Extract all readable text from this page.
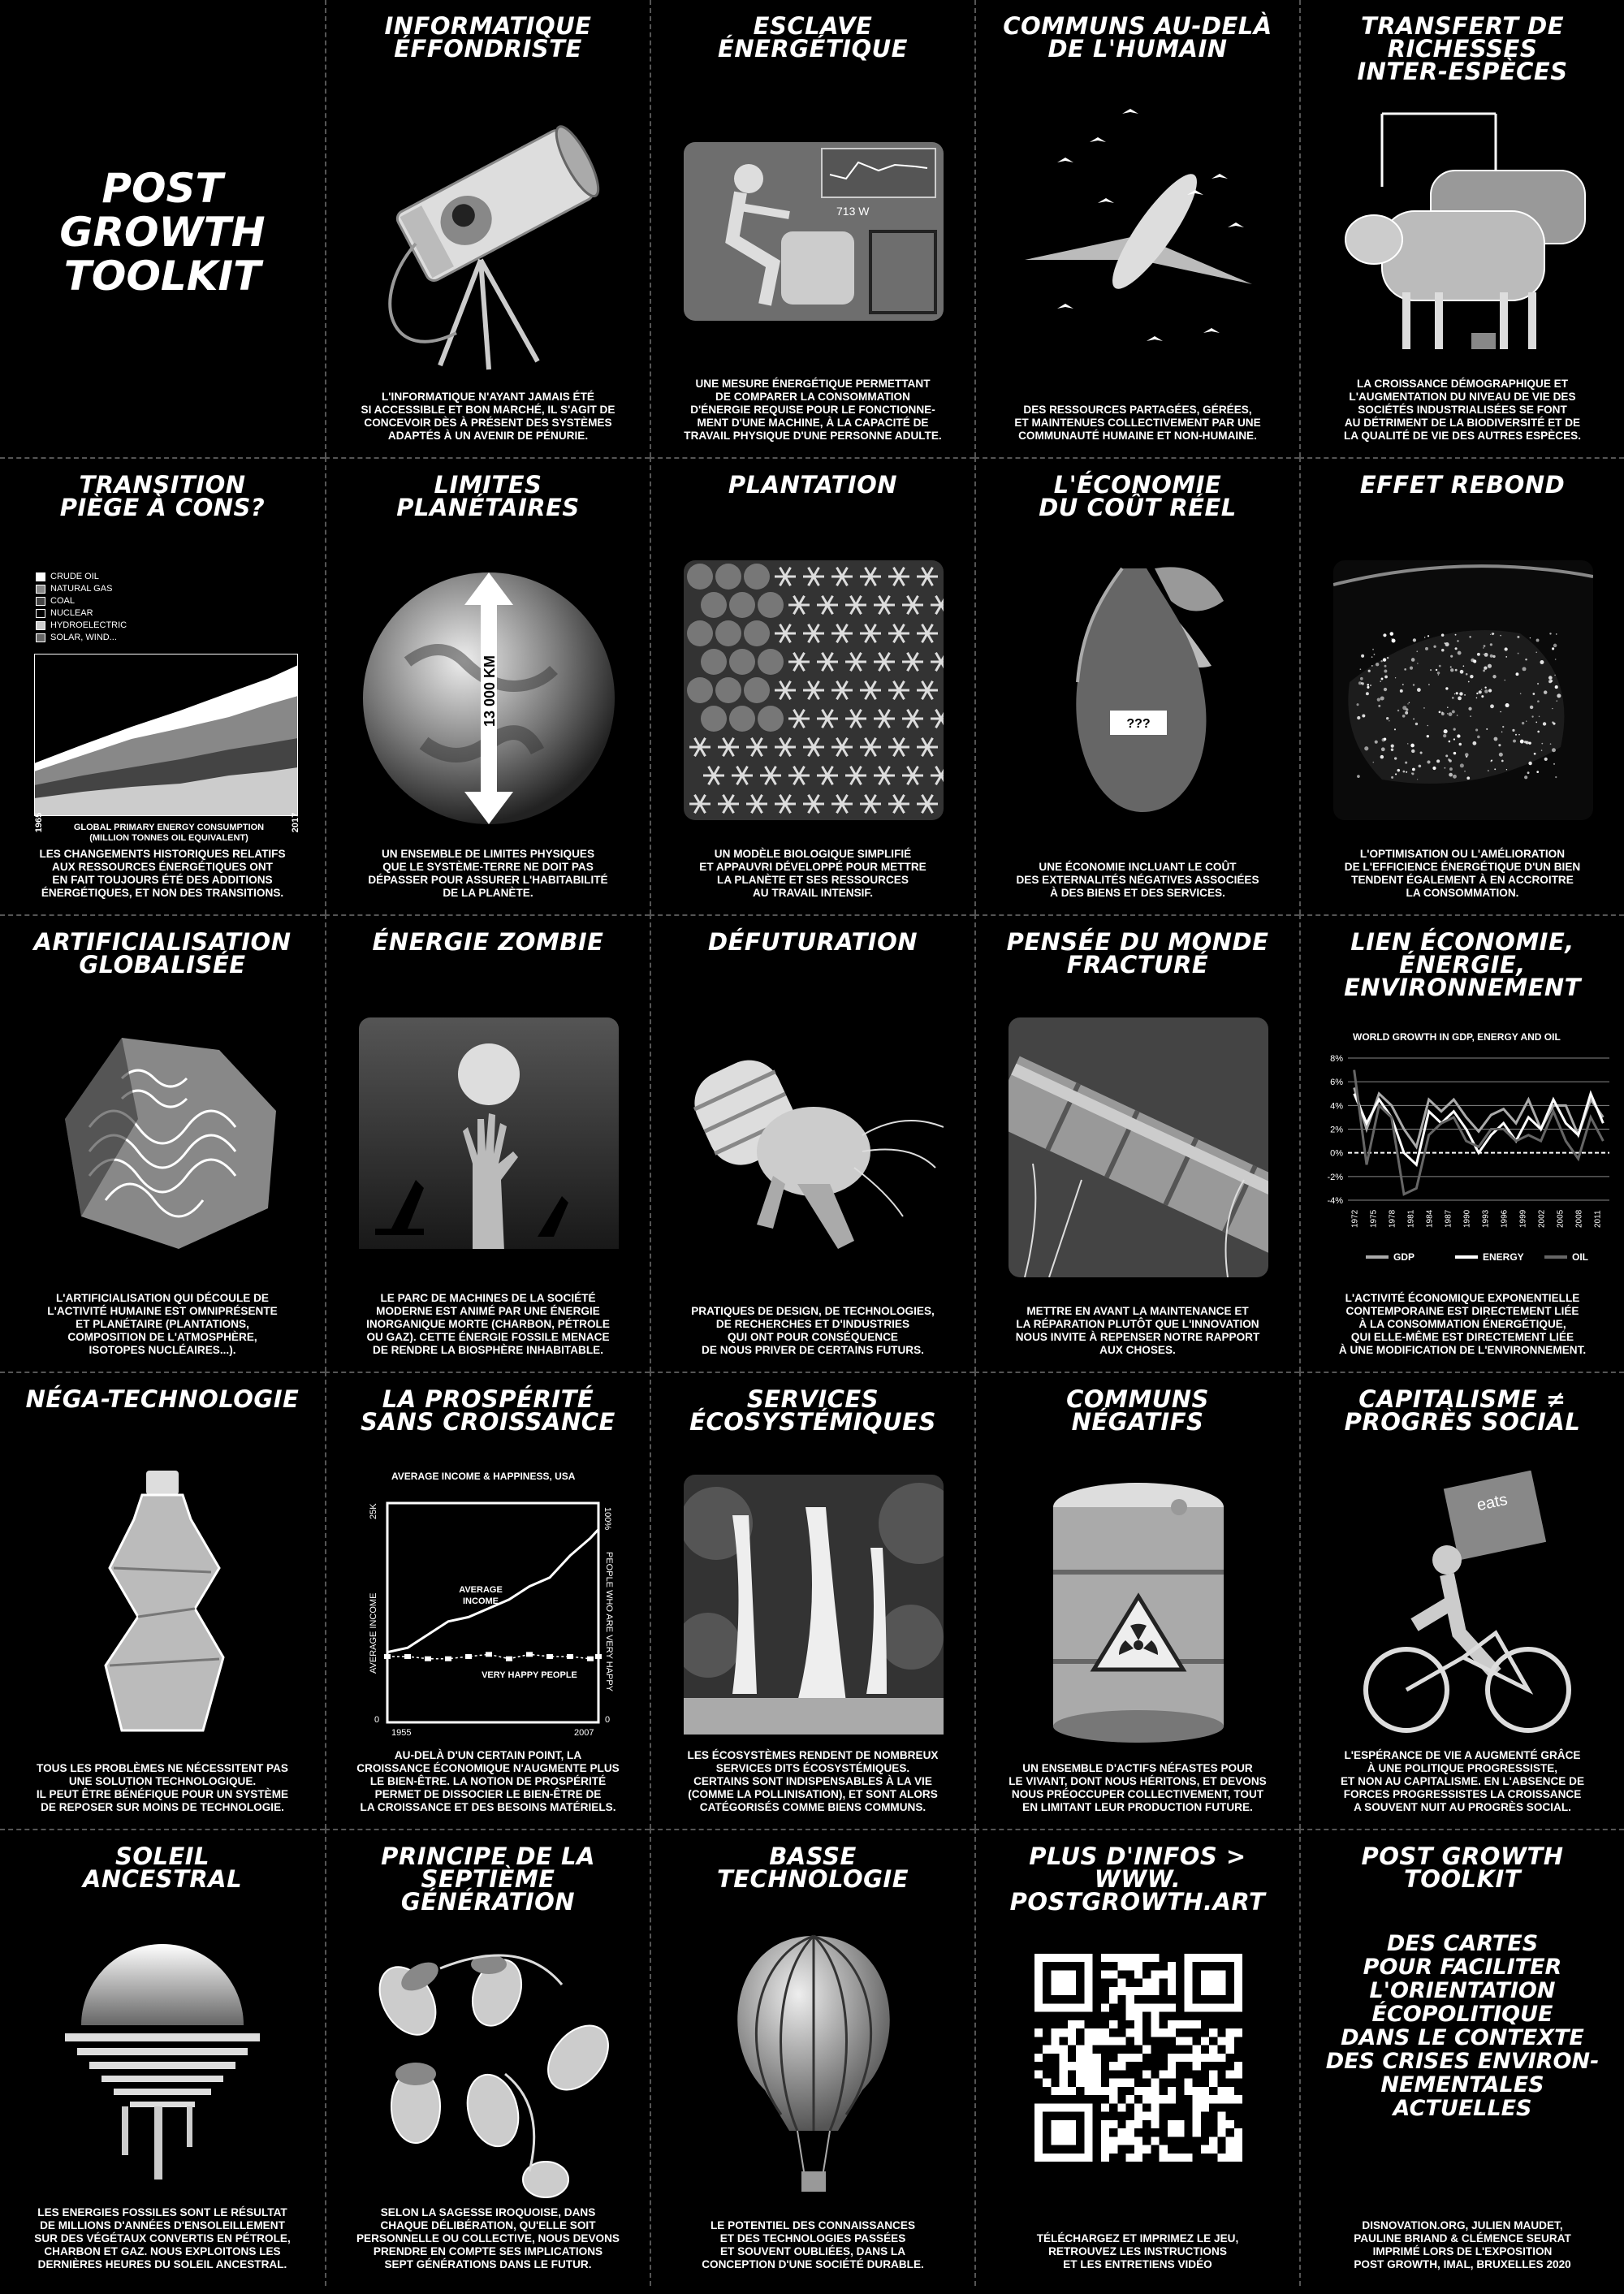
POST
GROWTH
TOOLKIT
INFORMATIQUE
ÉFFONDRISTE
L'INFORMATIQUE N'AYANT JAMAIS ÉTÉ
SI ACCESSIBLE ET BON MARCHÉ, IL S'AGIT DE
CONCEVOIR DÈS À PRÉSENT DES SYSTÈMES
ADAPTÉS À UN AVENIR DE PÉNURIE.
ESCLAVE
ÉNERGÉTIQUE
713 W
UNE MESURE ÉNERGÉTIQUE PERMETTANT
DE COMPARER LA CONSOMMATION
D'ÉNERGIE REQUISE POUR LE FONCTIONNE-
MENT D'UNE MACHINE, À LA CAPACITÉ DE
TRAVAIL PHYSIQUE D'UNE PERSONNE ADULTE.
COMMUNS AU-DELÀ
DE L'HUMAIN
DES RESSOURCES PARTAGÉES, GÉRÉES,
ET MAINTENUES COLLECTIVEMENT PAR UNE
COMMUNAUTÉ HUMAINE ET NON-HUMAINE.
TRANSFERT DE
RICHESSES
INTER-ESPÈCES
LA CROISSANCE DÉMOGRAPHIQUE ET
L'AUGMENTATION DU NIVEAU DE VIE DES
SOCIÉTÉS INDUSTRIALISÉES SE FONT
AU DÉTRIMENT DE LA BIODIVERSITÉ ET DE
LA QUALITÉ DE VIE DES AUTRES ESPÈCES.
TRANSITION
PIÈGE À CONS?
CRUDE OIL
NATURAL GAS
COAL
NUCLEAR
HYDROELECTRIC
SOLAR, WIND...
GLOBAL PRIMARY ENERGY CONSUMPTION
(MILLION TONNES OIL EQUIVALENT)
1965	2017
LES CHANGEMENTS HISTORIQUES RELATIFS
AUX RESSOURCES ÉNERGÉTIQUES ONT
EN FAIT TOUJOURS ÉTÉ DES ADDITIONS
ÉNERGÉTIQUES, ET NON DES TRANSITIONS.
LIMITES
PLANÉTAIRES
13 000 KM
UN ENSEMBLE DE LIMITES PHYSIQUES
QUE LE SYSTÈME-TERRE NE DOIT PAS
DÉPASSER POUR ASSURER L'HABITABILITÉ
DE LA PLANÈTE.
PLANTATION
UN MODÈLE BIOLOGIQUE SIMPLIFIÉ
ET APPAUVRI DÉVELOPPÉ POUR METTRE
LA PLANÈTE ET SES RESSOURCES
AU TRAVAIL INTENSIF.
L'ÉCONOMIE
DU COÛT RÉEL
???
UNE ÉCONOMIE INCLUANT LE COÛT
DES EXTERNALITÉS NÉGATIVES ASSOCIÉES
À DES BIENS ET DES SERVICES.
EFFET REBOND
L'OPTIMISATION OU L'AMÉLIORATION
DE L'EFFICIENCE ÉNERGÉTIQUE D'UN BIEN
TENDENT ÉGALEMENT À EN ACCROITRE
LA CONSOMMATION.
ARTIFICIALISATION
GLOBALISÉE
L'ARTIFICIALISATION QUI DÉCOULE DE
L'ACTIVITÉ HUMAINE EST OMNIPRÉSENTE
ET PLANÉTAIRE (PLANTATIONS,
COMPOSITION DE L'ATMOSPHÈRE,
ISOTOPES NUCLÉAIRES...).
ÉNERGIE ZOMBIE
LE PARC DE MACHINES DE LA SOCIÉTÉ
MODERNE EST ANIMÉ PAR UNE ÉNERGIE
INORGANIQUE MORTE (CHARBON, PÉTROLE
OU GAZ). CETTE ÉNERGIE FOSSILE MENACE
DE RENDRE LA BIOSPHÈRE INHABITABLE.
DÉFUTURATION
PRATIQUES DE DESIGN, DE TECHNOLOGIES,
DE RECHERCHES ET D'INDUSTRIES
QUI ONT POUR CONSÉQUENCE
DE NOUS PRIVER DE CERTAINS FUTURS.
PENSÉE DU MONDE
FRACTURÉ
METTRE EN AVANT LA MAINTENANCE ET
LA RÉPARATION PLUTÔT QUE L'INNOVATION
NOUS INVITE À REPENSER NOTRE RAPPORT
AUX CHOSES.
LIEN ÉCONOMIE,
ÉNERGIE,
ENVIRONNEMENT
WORLD GROWTH IN GDP, ENERGY AND OIL
8%
6%
4%
2%
0%
-2%
-4%
1972 1975 1978 1981 1984 1987 1990 1993 1996 1999 2002 2005 2008 2011
GDP	ENERGY	OIL
L'ACTIVITÉ ÉCONOMIQUE EXPONENTIELLE
CONTEMPORAINE EST DIRECTEMENT LIÉE
À LA CONSOMMATION ÉNERGÉTIQUE,
QUI ELLE-MÊME EST DIRECTEMENT LIÉE
À UNE MODIFICATION DE L'ENVIRONNEMENT.
NÉGA-TECHNOLOGIE
TOUS LES PROBLÈMES NE NÉCESSITENT PAS
UNE SOLUTION TECHNOLOGIQUE.
IL PEUT ÊTRE BÉNÉFIQUE POUR UN SYSTÈME
DE REPOSER SUR MOINS DE TECHNOLOGIE.
LA PROSPÉRITÉ
SANS CROISSANCE
AVERAGE INCOME & HAPPINESS, USA
25K
0
100%
0
AVERAGE INCOME	PEOPLE WHO ARE VERY HAPPY
1955	2007
AVERAGE
INCOME
VERY HAPPY PEOPLE
AU-DELÀ D'UN CERTAIN POINT, LA
CROISSANCE ÉCONOMIQUE N'AUGMENTE PLUS
LE BIEN-ÊTRE. LA NOTION DE PROSPÉRITÉ
PERMET DE DISSOCIER LE BIEN-ÊTRE DE
LA CROISSANCE ET DES BESOINS MATÉRIELS.
SERVICES
ÉCOSYSTÉMIQUES
LES ÉCOSYSTÈMES RENDENT DE NOMBREUX
SERVICES DITS ÉCOSYSTÉMIQUES.
CERTAINS SONT INDISPENSABLES À LA VIE
(COMME LA POLLINISATION), ET SONT ALORS
CATÉGORISÉS COMME BIENS COMMUNS.
COMMUNS
NÉGATIFS
UN ENSEMBLE D'ACTIFS NÉFASTES POUR
LE VIVANT, DONT NOUS HÉRITONS, ET DEVONS
NOUS PRÉOCCUPER COLLECTIVEMENT, TOUT
EN LIMITANT LEUR PRODUCTION FUTURE.
CAPITALISME ≠
PROGRÈS SOCIAL
eats
L'ESPÉRANCE DE VIE A AUGMENTÉ GRÂCE
À UNE POLITIQUE PROGRESSISTE,
ET NON AU CAPITALISME. EN L'ABSENCE DE
FORCES PROGRESSISTES LA CROISSANCE
A SOUVENT NUIT AU PROGRÈS SOCIAL.
SOLEIL
ANCESTRAL
LES ENERGIES FOSSILES SONT LE RÉSULTAT
DE MILLIONS D'ANNÉES D'ENSOLEILLEMENT
SUR DES VÉGÉTAUX CONVERTIS EN PÉTROLE,
CHARBON ET GAZ. NOUS EXPLOITONS LES
DERNIÈRES HEURES DU SOLEIL ANCESTRAL.
PRINCIPE DE LA
SEPTIÈME
GÉNÉRATION
SELON LA SAGESSE IROQUOISE, DANS
CHAQUE DÉLIBÉRATION, QU'ELLE SOIT
PERSONNELLE OU COLLECTIVE, NOUS DEVONS
PRENDRE EN COMPTE SES IMPLICATIONS
SEPT GÉNÉRATIONS DANS LE FUTUR.
BASSE
TECHNOLOGIE
LE POTENTIEL DES CONNAISSANCES
ET DES TECHNOLOGIES PASSÉES
ET SOUVENT OUBLIÉES, DANS LA
CONCEPTION D'UNE SOCIÉTÉ DURABLE.
PLUS D'INFOS > WWW.
POSTGROWTH.ART
TÉLÉCHARGEZ ET IMPRIMEZ LE JEU,
RETROUVEZ LES INSTRUCTIONS
ET LES ENTRETIENS VIDÉO
POST GROWTH
TOOLKIT
DES CARTES
POUR FACILITER
L'ORIENTATION
ÉCOPOLITIQUE
DANS LE CONTEXTE
DES CRISES ENVIRON-
NEMENTALES
ACTUELLES
DISNOVATION.ORG, JULIEN MAUDET,
PAULINE BRIAND & CLÉMENCE SEURAT
IMPRIMÉ LORS DE L'EXPOSITION
POST GROWTH, IMAL, BRUXELLES 2020
